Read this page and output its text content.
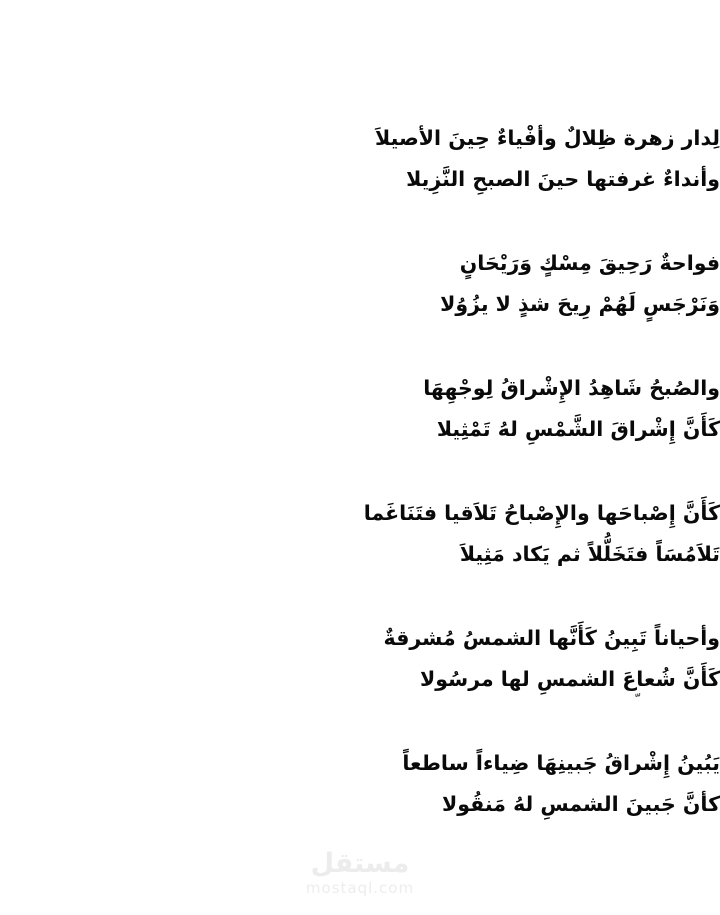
لِدار زهرة ظِلالٌ وأفْياءٌ حِينَ الأصيلاَ
وأنداءٌ غرفتها حينَ الصبحِ النَّزِيلا
فواحةٌ رَحِيقَ مِسْكٍ وَرَيْحَانٍ
وَنَرْجَسٍ لَهُمْ رِيحَ شذٍ لا يزُوُلا
والصُبحُ شَاهِدُ الإِشْراقُ لِوجْهِهَا
كَأَنَّ إِشْراقَ الشَّمْسِ لهُ تَمْثِيلا
كَأَنَّ إِصْباحَها والإِصْباحُ تَلاَقيا فتَنَاغَما
تَلاَمُسَاً فتَخَلُّلاً ثم يَكاد مَثِيلاَ
وأحياناً تَبِينُ كَأَنَّها الشمسُ مُشرقةٌ
كَأَنَّ شُعاعَ الشمسِ لها مرسُولا
يَبُينُ إِشْراقُ جَبينِهَا ضِياءاً ساطعاً
كأنَّ جَبينَ الشمسِ لهُ مَنقُولا
مستقل
mostaql.com
